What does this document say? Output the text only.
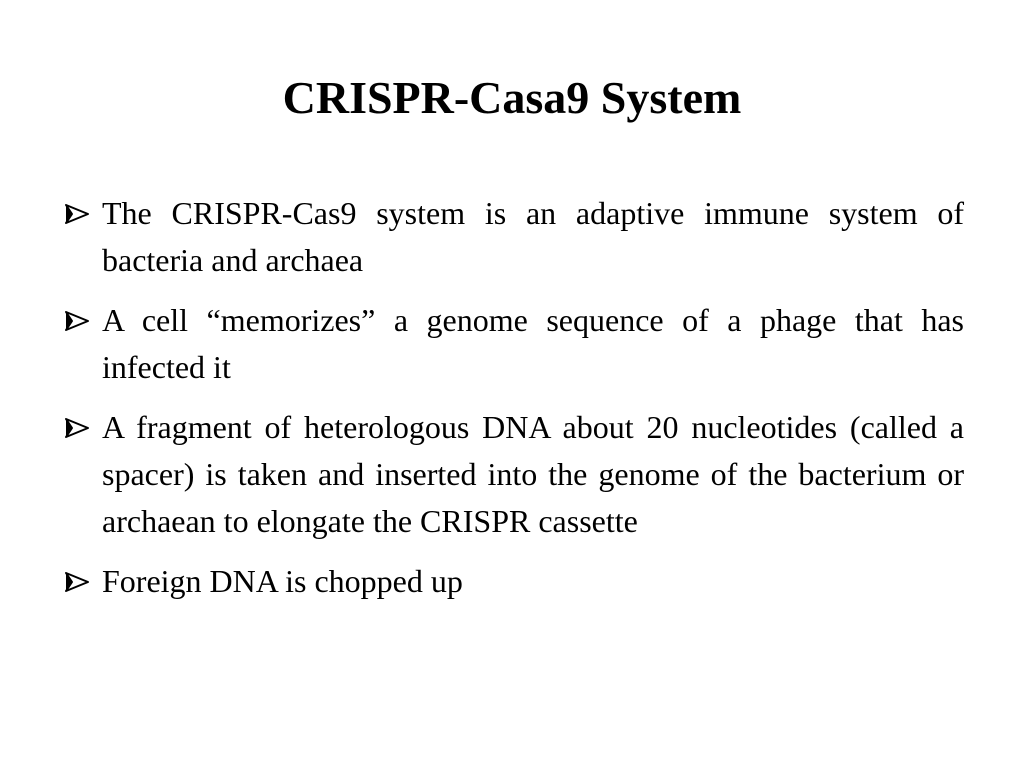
CRISPR-Casa9 System
The CRISPR-Cas9 system is an adaptive immune system of bacteria and archaea
A cell “memorizes” a genome sequence of a phage that has infected it
A fragment of heterologous DNA about 20 nucleotides (called a spacer) is taken and inserted into the genome of the bacterium or archaean to elongate the CRISPR cassette
Foreign DNA is chopped up
